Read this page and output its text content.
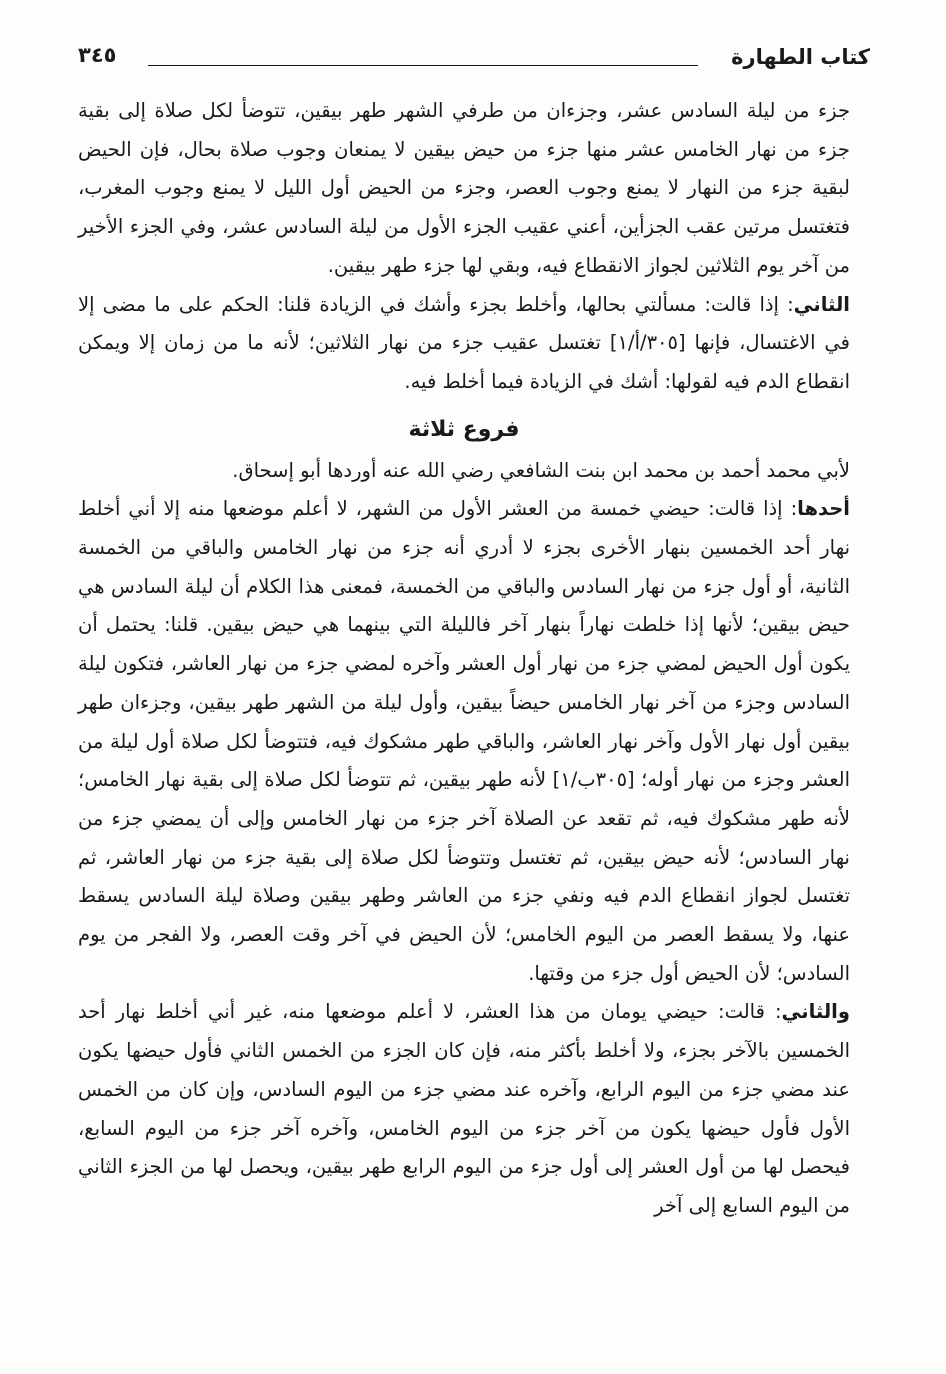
كتاب الطهارة
٣٤٥

جزء من ليلة السادس عشر، وجزءان من طرفي الشهر طهر بيقين، تتوضأ لكل صلاة إلى بقية جزء من نهار الخامس عشر منها جزء من حيض بيقين لا يمنعان وجوب صلاة بحال، فإن الحيض لبقية جزء من النهار لا يمنع وجوب العصر، وجزء من الحيض أول الليل لا يمنع وجوب المغرب، فتغتسل مرتين عقب الجزأين، أعني عقيب الجزء الأول من ليلة السادس عشر، وفي الجزء الأخير من آخر يوم الثلاثين لجواز الانقطاع فيه، وبقي لها جزء طهر بيقين.

الثاني: إذا قالت: مسألتي بحالها، وأخلط بجزء وأشك في الزيادة قلنا: الحكم على ما مضى إلا في الاغتسال، فإنها [٣٠٥/أ/١] تغتسل عقيب جزء من نهار الثلاثين؛ لأنه ما من زمان إلا ويمكن انقطاع الدم فيه لقولها: أشك في الزيادة فيما أخلط فيه.

فروع ثلاثة

لأبي محمد أحمد بن محمد ابن بنت الشافعي رضي الله عنه أوردها أبو إسحاق.

أحدها: إذا قالت: حيضي خمسة من العشر الأول من الشهر، لا أعلم موضعها منه إلا أني أخلط نهار أحد الخمسين بنهار الأخرى بجزء لا أدري أنه جزء من نهار الخامس والباقي من الخمسة الثانية، أو أول جزء من نهار السادس والباقي من الخمسة، فمعنى هذا الكلام أن ليلة السادس هي حيض بيقين؛ لأنها إذا خلطت نهاراً بنهار آخر فالليلة التي بينهما هي حيض بيقين. قلنا: يحتمل أن يكون أول الحيض لمضي جزء من نهار أول العشر وآخره لمضي جزء من نهار العاشر، فتكون ليلة السادس وجزء من آخر نهار الخامس حيضاً بيقين، وأول ليلة من الشهر طهر بيقين، وجزءان طهر بيقين أول نهار الأول وآخر نهار العاشر، والباقي طهر مشكوك فيه، فتتوضأ لكل صلاة أول ليلة من العشر وجزء من نهار أوله؛ [٣٠٥ب/١] لأنه طهر بيقين، ثم تتوضأ لكل صلاة إلى بقية نهار الخامس؛ لأنه طهر مشكوك فيه، ثم تقعد عن الصلاة آخر جزء من نهار الخامس وإلى أن يمضي جزء من نهار السادس؛ لأنه حيض بيقين، ثم تغتسل وتتوضأ لكل صلاة إلى بقية جزء من نهار العاشر، ثم تغتسل لجواز انقطاع الدم فيه ونفي جزء من العاشر وطهر بيقين وصلاة ليلة السادس يسقط عنها، ولا يسقط العصر من اليوم الخامس؛ لأن الحيض في آخر وقت العصر، ولا الفجر من يوم السادس؛ لأن الحيض أول جزء من وقتها.

والثاني: قالت: حيضي يومان من هذا العشر، لا أعلم موضعها منه، غير أني أخلط نهار أحد الخمسين بالآخر بجزء، ولا أخلط بأكثر منه، فإن كان الجزء من الخمس الثاني فأول حيضها يكون عند مضي جزء من اليوم الرابع، وآخره عند مضي جزء من اليوم السادس، وإن كان من الخمس الأول فأول حيضها يكون من آخر جزء من اليوم الخامس، وآخره آخر جزء من اليوم السابع، فيحصل لها من أول العشر إلى أول جزء من اليوم الرابع طهر بيقين، ويحصل لها من الجزء الثاني من اليوم السابع إلى آخر
